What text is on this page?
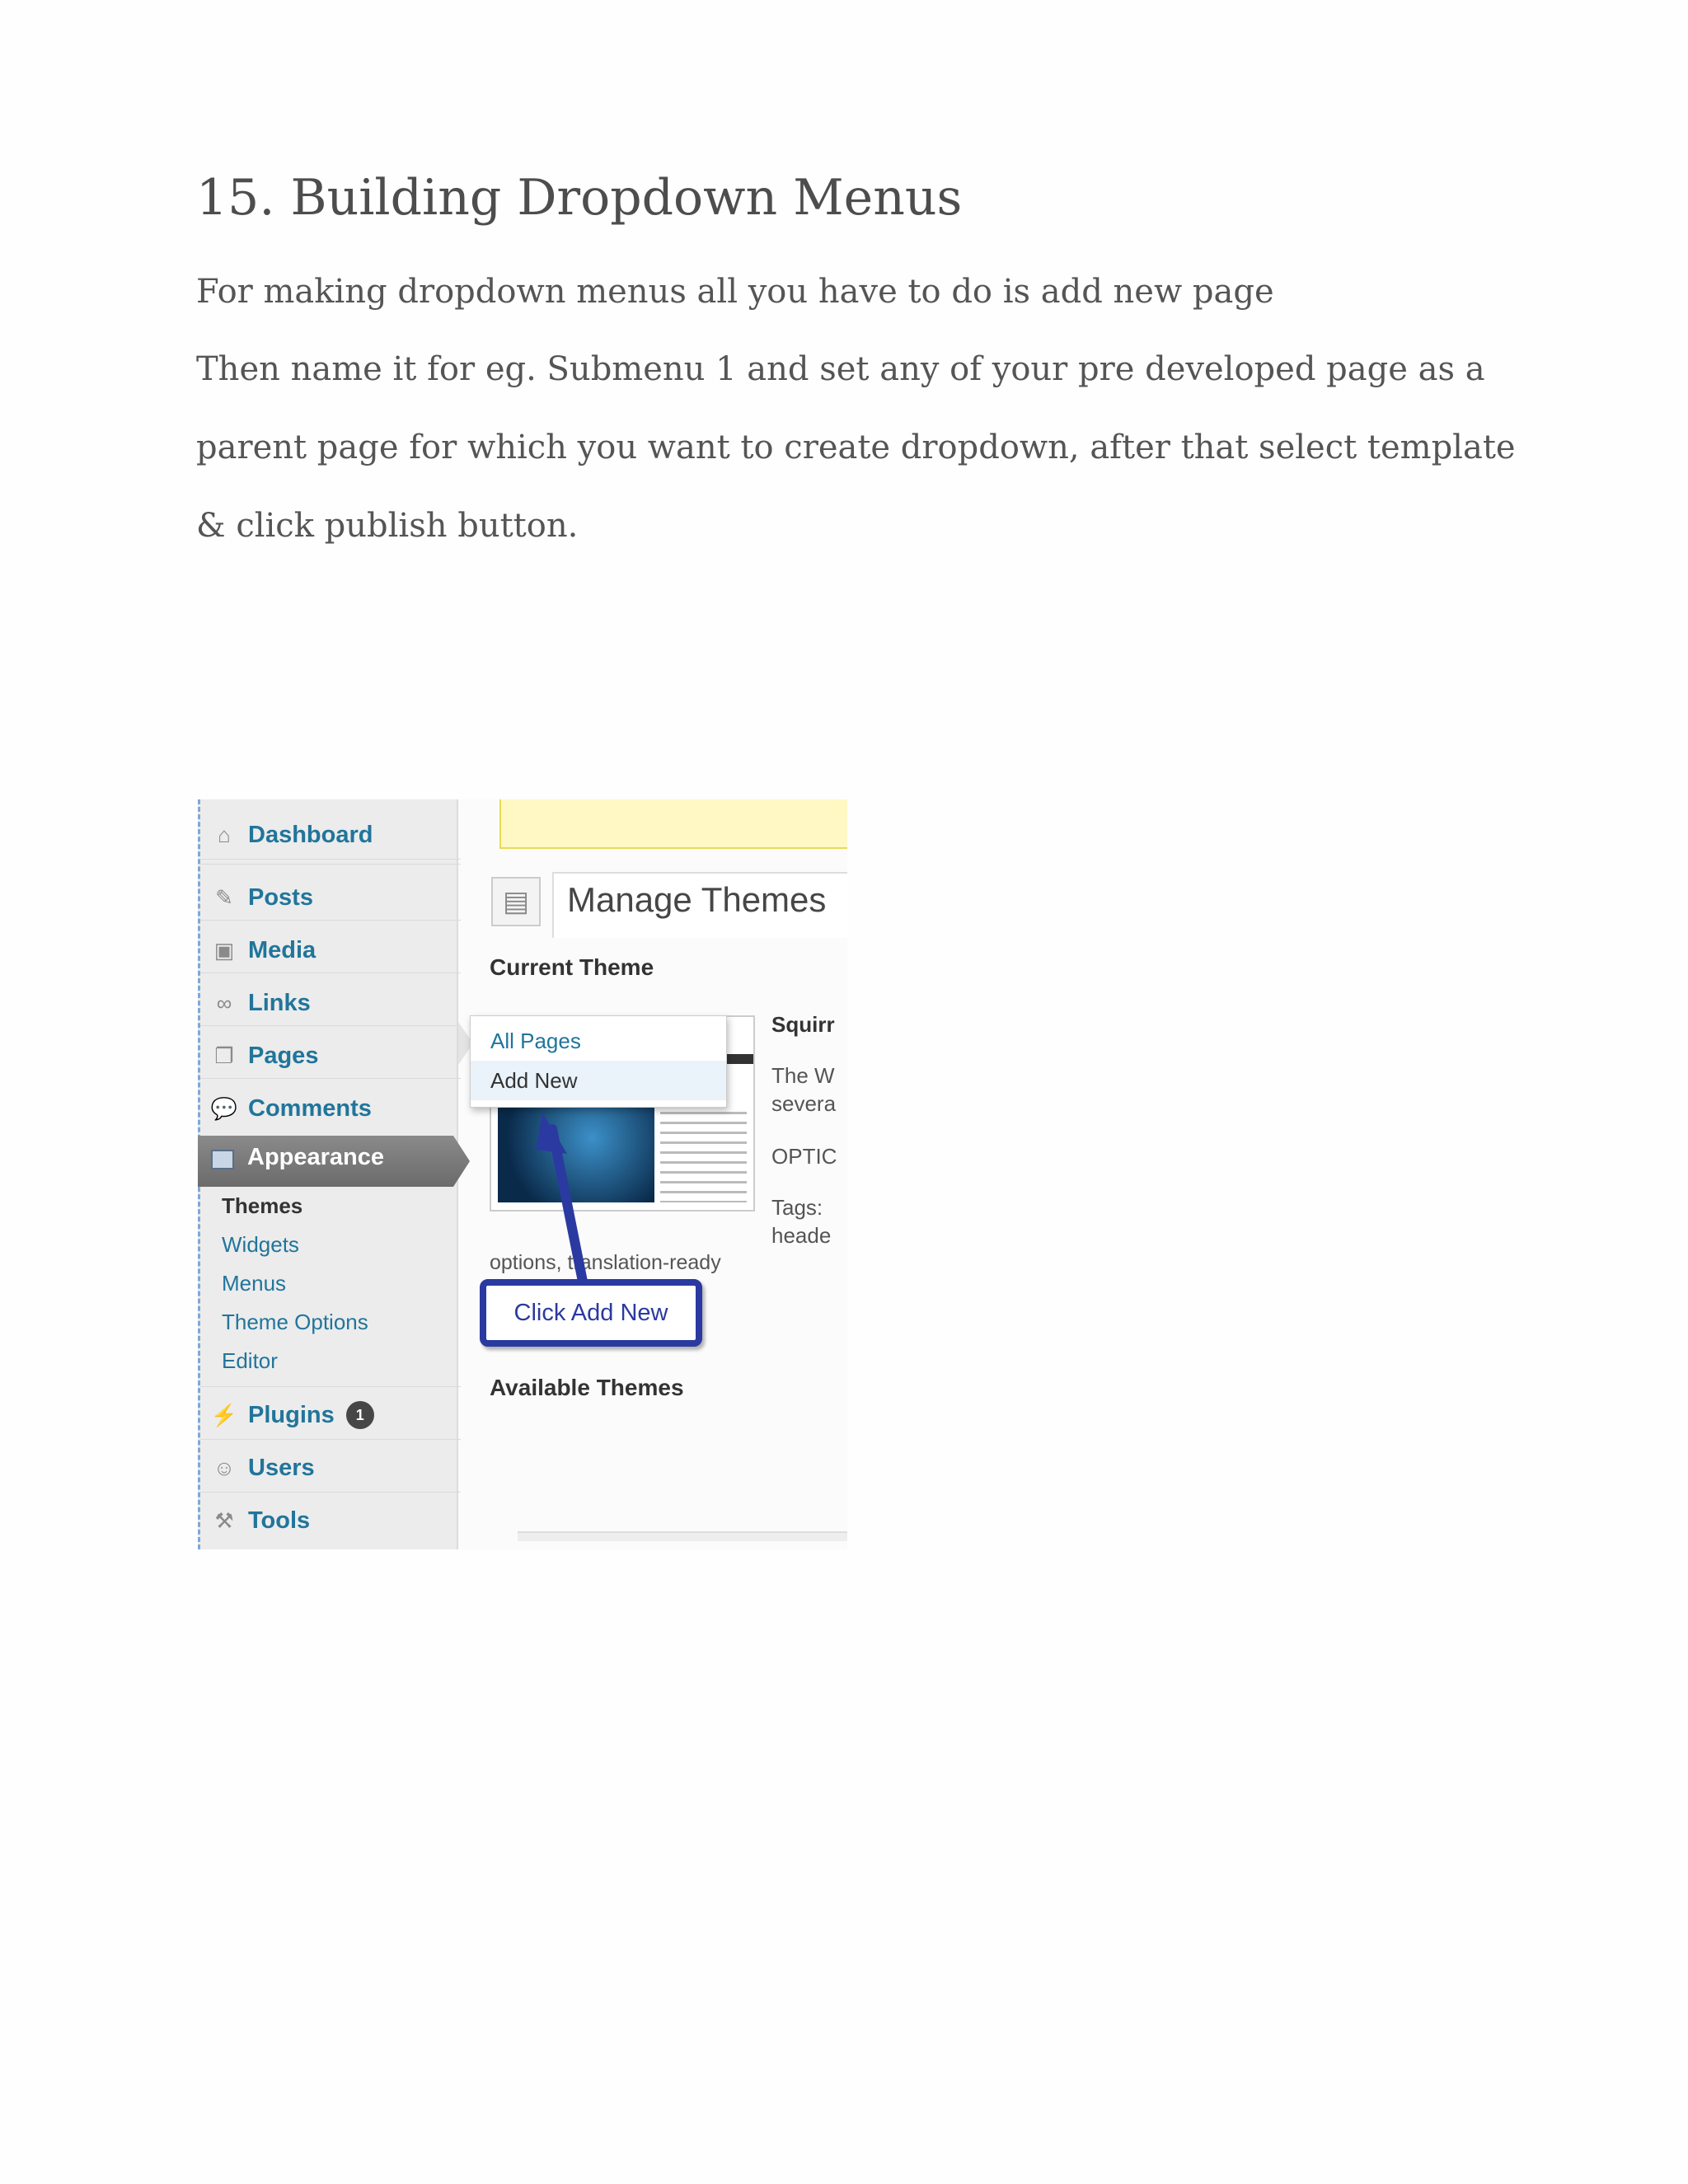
15. Building Dropdown Menus

For making dropdown menus all you have to do is add new page

Then name it for eg. Submenu 1 and set any of your pre developed page as a parent page for which you want to create dropdown, after that select template & click publish button.

⌂ Dashboard
✎ Posts
▣ Media
∞ Links
❐ Pages
💬 Comments
Themes
Widgets
Menus
Theme Options
Editor
⚡ Plugins	1
☺ Users
⚒ Tools
Appearance
▤	Manage Themes
Current Theme
Squirr
The W
severa
OPTIC
Tags:
heade
options, translation-ready
All Pages
Add New
Click Add New
Available Themes
